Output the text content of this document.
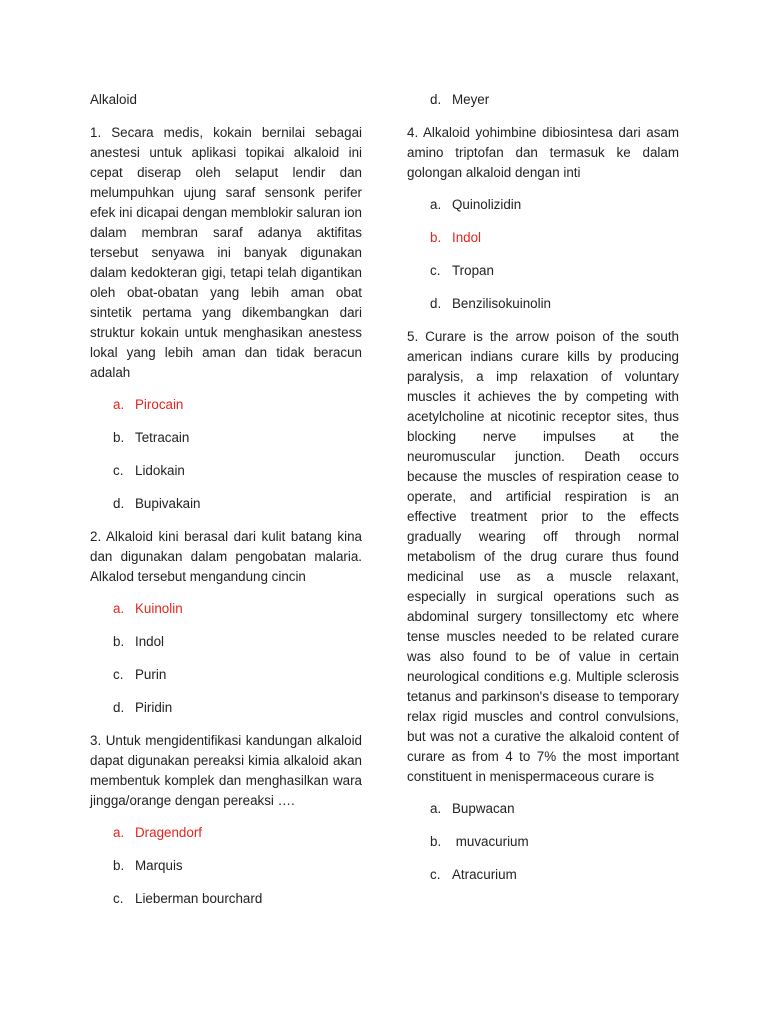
Alkaloid

1. Secara medis, kokain bernilai sebagai anestesi untuk aplikasi topikai alkaloid ini cepat diserap oleh selaput lendir dan melumpuhkan ujung saraf sensonk perifer efek ini dicapai dengan memblokir saluran ion dalam membran saraf adanya aktifitas tersebut senyawa ini banyak digunakan dalam kedokteran gigi, tetapi telah digantikan oleh obat-obatan yang lebih aman obat sintetik pertama yang dikembangkan dari struktur kokain untuk menghasikan anestess lokal yang lebih aman dan tidak beracun adalah

a. Pirocain
b. Tetracain
c. Lidokain
d. Bupivakain

2. Alkaloid kini berasal dari kulit batang kina dan digunakan dalam pengobatan malaria. Alkalod tersebut mengandung cincin

a. Kuinolin
b. Indol
c. Purin
d. Piridin

3. Untuk mengidentifikasi kandungan alkaloid dapat digunakan pereaksi kimia alkaloid akan membentuk komplek dan menghasilkan wara jingga/orange dengan pereaksi ….

a. Dragendorf
b. Marquis
c. Lieberman bourchard
d. Meyer

4. Alkaloid yohimbine dibiosintesa dari asam amino triptofan dan termasuk ke dalam golongan alkaloid dengan inti

a. Quinolizidin
b. Indol
c. Tropan
d. Benzilisokuinolin

5. Curare is the arrow poison of the south american indians curare kills by producing paralysis, a imp relaxation of voluntary muscles it achieves the by competing with acetylcholine at nicotinic receptor sites, thus blocking nerve impulses at the neuromuscular junction. Death occurs because the muscles of respiration cease to operate, and artificial respiration is an effective treatment prior to the effects gradually wearing off through normal metabolism of the drug curare thus found medicinal use as a muscle relaxant, especially in surgical operations such as abdominal surgery tonsillectomy etc where tense muscles needed to be related curare was also found to be of value in certain neurological conditions e.g. Multiple sclerosis tetanus and parkinson's disease to temporary relax rigid muscles and control convulsions, but was not a curative the alkaloid content of curare as from 4 to 7% the most important constituent in menispermaceous curare is

a. Bupwacan
b. muvacurium
c. Atracurium
